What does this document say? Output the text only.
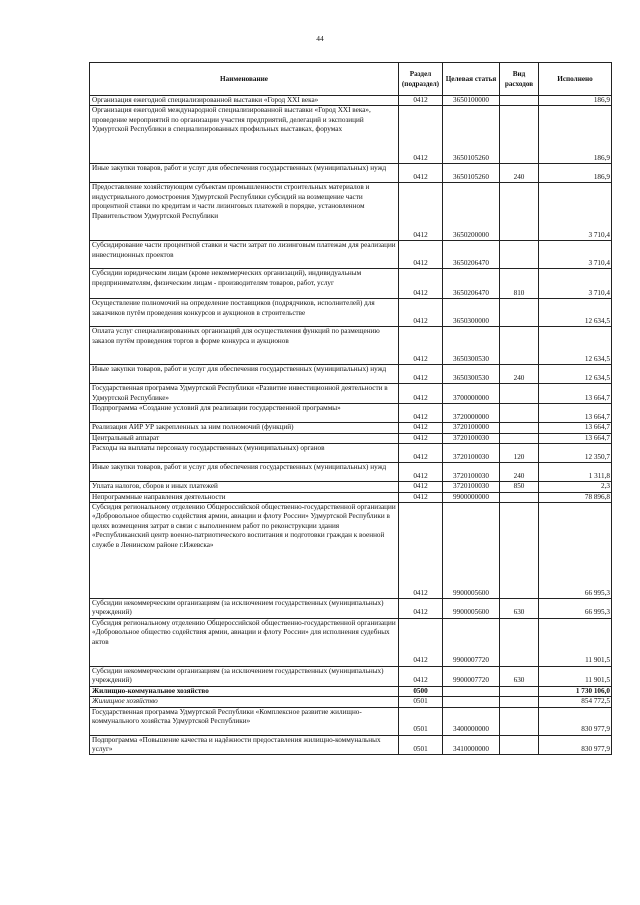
44
Наименование	Раздел (подраздел)	Целевая статья	Вид расходов	Исполнено
Организация ежегодной специализированной выставки «Город XXI века»	0412	3650100000		186,9
Организация ежегодной международной специализированной выставки «Город XXI века», проведение мероприятий по организации участия предприятий, делегаций и экспозиций Удмуртской Республики в специализированных профильных выставках, форумах	0412	3650105260		186,9
Иные закупки товаров, работ и услуг для обеспечения государственных (муниципальных) нужд	0412	3650105260	240	186,9
Предоставление хозяйствующим субъектам промышленности строительных материалов и индустриального домостроения Удмуртской Республики субсидий на возмещение части процентной ставки по кредитам и части лизинговых платежей в порядке, установленном Правительством Удмуртской Республики	0412	3650200000		3 710,4
Субсидирование части процентной ставки и части затрат по лизинговым платежам для реализации инвестиционных проектов	0412	3650206470		3 710,4
Субсидии юридическим лицам (кроме некоммерческих организаций), индивидуальным предпринимателям, физическим лицам - производителям товаров, работ, услуг	0412	3650206470	810	3 710,4
Осуществление полномочий на определение поставщиков (подрядчиков, исполнителей) для заказчиков путём проведения конкурсов и аукционов в строительстве	0412	3650300000		12 634,5
Оплата услуг специализированных организаций для осуществления функций по размещению заказов путём проведения торгов в форме конкурса и аукционов	0412	3650300530		12 634,5
Иные закупки товаров, работ и услуг для обеспечения государственных (муниципальных) нужд	0412	3650300530	240	12 634,5
Государственная программа Удмуртской Республики «Развитие инвестиционной деятельности в Удмуртской Республике»	0412	3700000000		13 664,7
Подпрограмма «Создание условий для реализации государственной программы»	0412	3720000000		13 664,7
Реализация АИР УР закрепленных за ним полномочий (функций)	0412	3720100000		13 664,7
Центральный аппарат	0412	3720100030		13 664,7
Расходы на выплаты персоналу государственных (муниципальных) органов	0412	3720100030	120	12 350,7
Иные закупки товаров, работ и услуг для обеспечения государственных (муниципальных) нужд	0412	3720100030	240	1 311,8
Уплата налогов, сборов и иных платежей	0412	3720100030	850	2,3
Непрограммные направления деятельности	0412	9900000000		78 896,8
Субсидия региональному отделению Общероссийской общественно-государственной организации «Добровольное общество содействия армии, авиации и флоту России» Удмуртской Республики в целях возмещения затрат в связи с выполнением работ по реконструкции здания «Республиканский центр военно-патриотического воспитания и подготовки граждан к военной службе в Ленинском районе г.Ижевска»	0412	9900005600		66 995,3
Субсидии некоммерческим организациям (за исключением государственных (муниципальных) учреждений)	0412	9900005600	630	66 995,3
Субсидия региональному отделению Общероссийской общественно-государственной организации «Добровольное общество содействия армии, авиации и флоту России» для исполнения судебных актов	0412	9900007720		11 901,5
Субсидии некоммерческим организациям (за исключением государственных (муниципальных) учреждений)	0412	9900007720	630	11 901,5
Жилищно-коммунальное хозяйство	0500			1 730 106,0
Жилищное хозяйство	0501			854 772,5
Государственная программа Удмуртской Республики «Комплексное развитие жилищно-коммунального хозяйства Удмуртской Республики»	0501	3400000000		830 977,9
Подпрограмма «Повышение качества и надёжности предоставления жилищно-коммунальных услуг»	0501	3410000000		830 977,9
